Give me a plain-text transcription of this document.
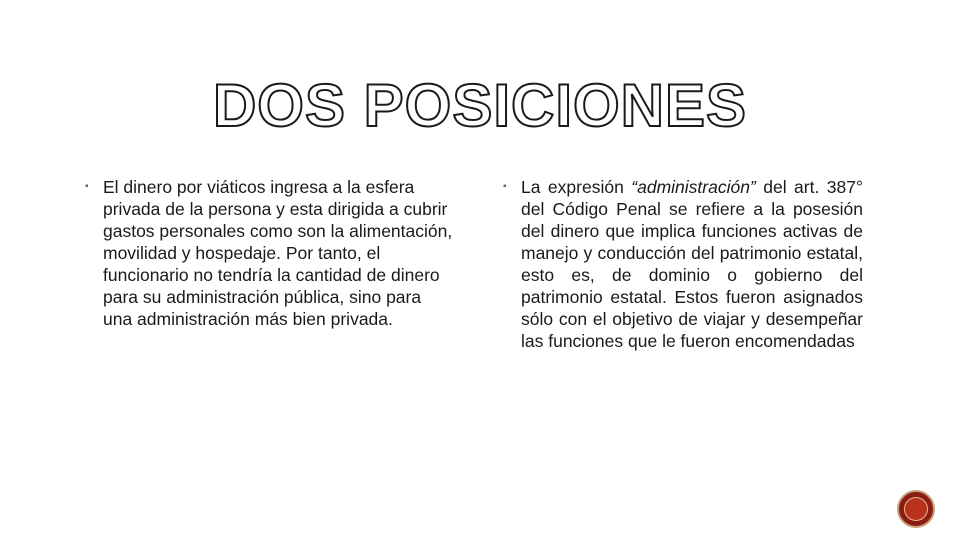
DOS POSICIONES
▪ El dinero por viáticos ingresa a la esfera privada de la persona y esta dirigida a cubrir gastos personales como son la alimentación, movilidad y hospedaje. Por tanto, el funcionario no tendría la cantidad de dinero para su administración pública, sino para una administración más bien privada.
▪ La expresión “administración” del art. 387° del Código Penal se refiere a la posesión del dinero que implica funciones activas de manejo y conducción del patrimonio estatal, esto es, de dominio o gobierno del patrimonio estatal. Estos fueron asignados sólo con el objetivo de viajar y desempeñar las funciones que le fueron encomendadas
